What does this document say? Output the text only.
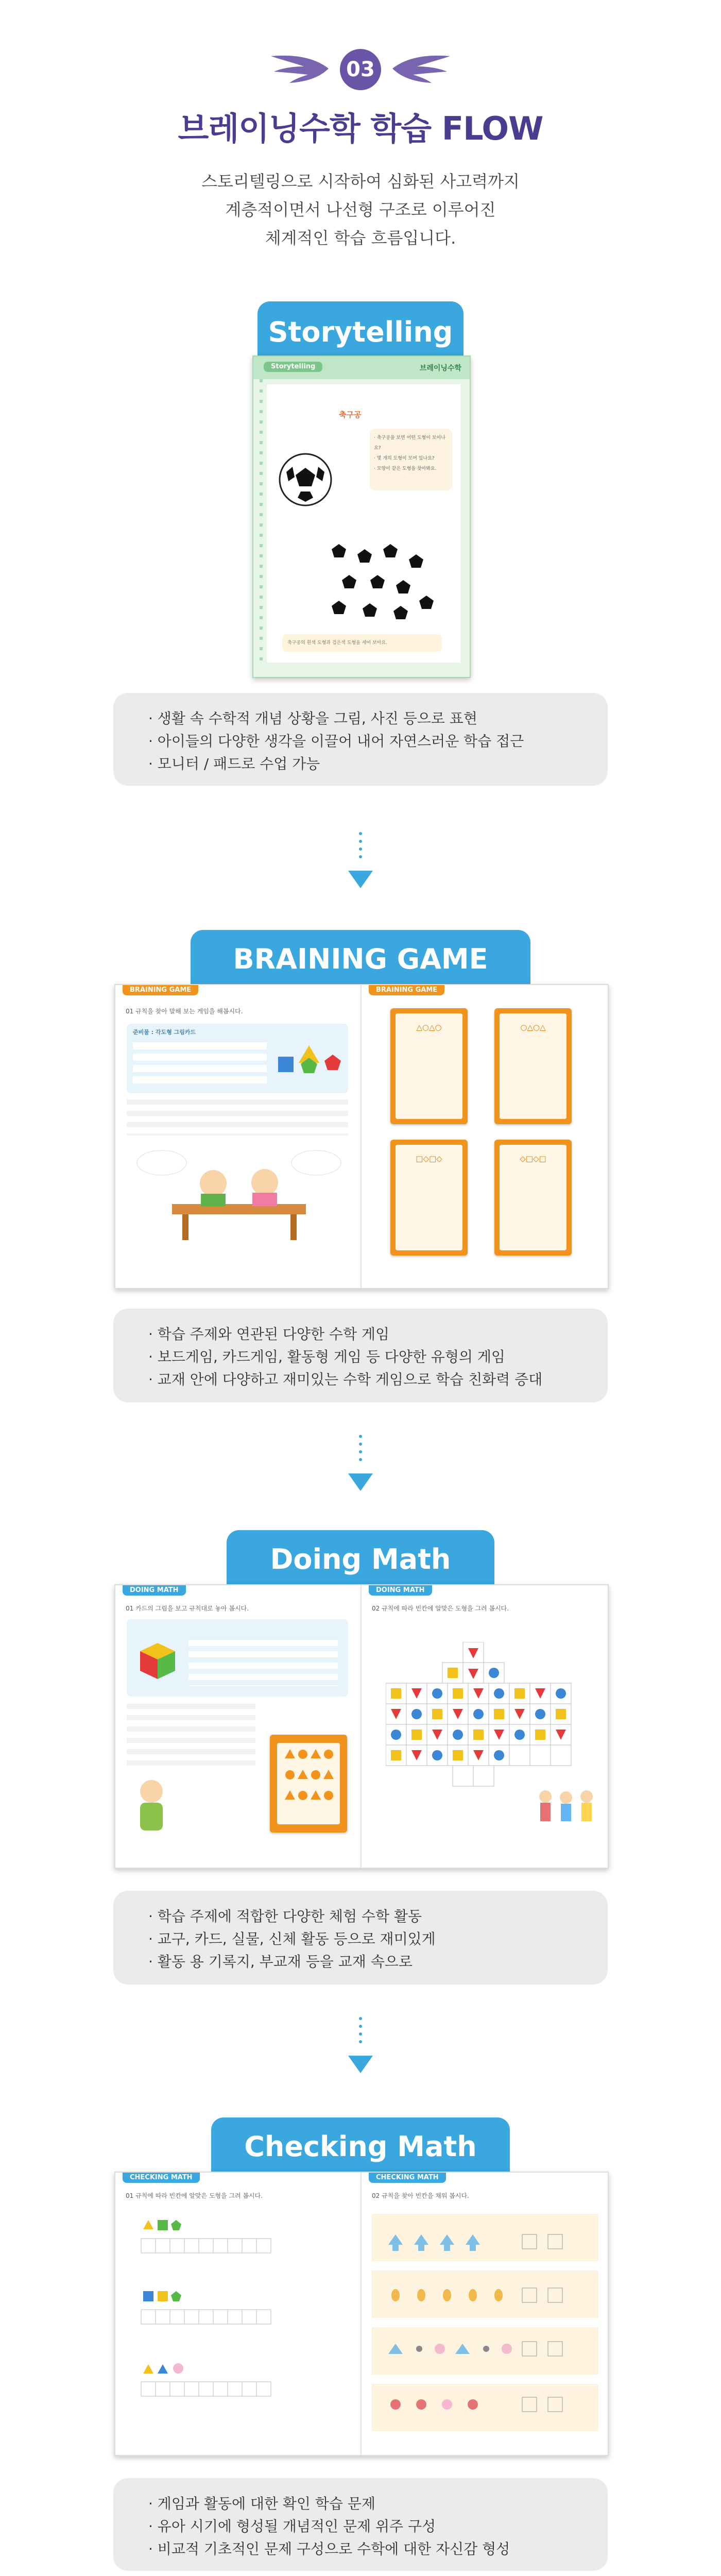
03
브레이닝수학 학습 FLOW
스토리텔링으로 시작하여 심화된 사고력까지
계층적이면서 나선형 구조로 이루어진
체계적인 학습 흐름입니다.
Storytelling
Storytelling	브레이닝수학
축구공
· 축구공을 보면 어떤 도형이 보이나요?
· 몇 개의 도형이 모여 있나요?
· 모양이 같은 도형을 찾아봐요.
축구공의 흰색 도형과 검은색 도형을 세어 보아요.
· 생활 속 수학적 개념 상황을 그림, 사진 등으로 표현
· 아이들의 다양한 생각을 이끌어 내어 자연스러운 학습 접근
· 모니터 / 패드로 수업 가능
BRAINING GAME
BRAINING GAME	BRAINING GAME
01 규칙을 찾아 말해 보는 게임을 해봅시다.
준비물 : 각도형 그림카드
△○△○	○△○△
□◇□◇	◇□◇□
· 학습 주제와 연관된 다양한 수학 게임
· 보드게임, 카드게임, 활동형 게임 등 다양한 유형의 게임
· 교재 안에 다양하고 재미있는 수학 게임으로 학습 친화력 증대
Doing Math
DOING MATH	DOING MATH
01 카드의 그림을 보고 규칙대로 놓아 봅시다.	02 규칙에 따라 빈칸에 알맞은 도형을 그려 봅시다.
· 학습 주제에 적합한 다양한 체험 수학 활동
· 교구, 카드, 실물, 신체 활동 등으로 재미있게
· 활동 용 기록지, 부교재 등을 교재 속으로
Checking Math
CHECKING MATH	CHECKING MATH
01 규칙에 따라 빈칸에 알맞은 도형을 그려 봅시다.	02 규칙을 찾아 빈칸을 채워 봅시다.
· 게임과 활동에 대한 확인 학습 문제
· 유아 시기에 형성될 개념적인 문제 위주 구성
· 비교적 기초적인 문제 구성으로 수학에 대한 자신감 형성
